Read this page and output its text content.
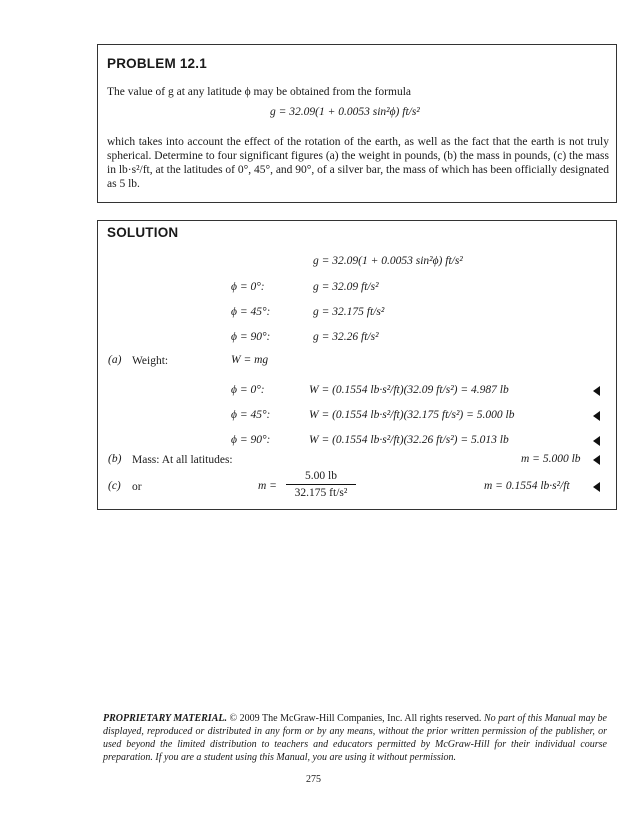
PROBLEM 12.1
The value of g at any latitude ϕ may be obtained from the formula
g = 32.09(1 + 0.0053 sin²ϕ) ft/s²
which takes into account the effect of the rotation of the earth, as well as the fact that the earth is not truly spherical. Determine to four significant figures (a) the weight in pounds, (b) the mass in pounds, (c) the mass in lb·s²/ft, at the latitudes of 0°, 45°, and 90°, of a silver bar, the mass of which has been officially designated as 5 lb.
SOLUTION
g = 32.09(1 + 0.0053 sin²ϕ) ft/s²
ϕ = 0°:	g = 32.09 ft/s²
ϕ = 45°:	g = 32.175 ft/s²
ϕ = 90°:	g = 32.26 ft/s²
(a) Weight:	W = mg
ϕ = 0°:	W = (0.1554 lb·s²/ft)(32.09 ft/s²) = 4.987 lb
ϕ = 45°:	W = (0.1554 lb·s²/ft)(32.175 ft/s²) = 5.000 lb
ϕ = 90°:	W = (0.1554 lb·s²/ft)(32.26 ft/s²) = 5.013 lb
(b) Mass: At all latitudes:	m = 5.000 lb
(c) or	m =
5.00 lb
32.175 ft/s²
m = 0.1554 lb·s²/ft
PROPRIETARY MATERIAL. © 2009 The McGraw-Hill Companies, Inc. All rights reserved. No part of this Manual may be displayed, reproduced or distributed in any form or by any means, without the prior written permission of the publisher, or used beyond the limited distribution to teachers and educators permitted by McGraw-Hill for their individual course preparation. If you are a student using this Manual, you are using it without permission.
275
